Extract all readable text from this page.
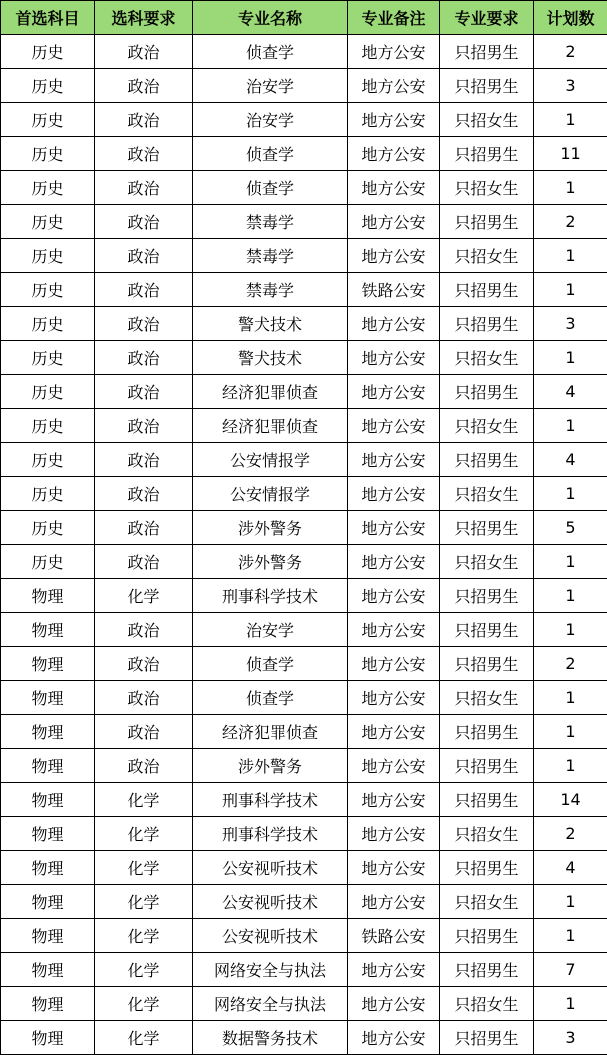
首选科目	选科要求	专业名称	专业备注	专业要求	计划数
历史	政治	侦查学	地方公安	只招男生	2
历史	政治	治安学	地方公安	只招男生	3
历史	政治	治安学	地方公安	只招女生	1
历史	政治	侦查学	地方公安	只招男生	11
历史	政治	侦查学	地方公安	只招女生	1
历史	政治	禁毒学	地方公安	只招男生	2
历史	政治	禁毒学	地方公安	只招女生	1
历史	政治	禁毒学	铁路公安	只招男生	1
历史	政治	警犬技术	地方公安	只招男生	3
历史	政治	警犬技术	地方公安	只招女生	1
历史	政治	经济犯罪侦查	地方公安	只招男生	4
历史	政治	经济犯罪侦查	地方公安	只招女生	1
历史	政治	公安情报学	地方公安	只招男生	4
历史	政治	公安情报学	地方公安	只招女生	1
历史	政治	涉外警务	地方公安	只招男生	5
历史	政治	涉外警务	地方公安	只招女生	1
物理	化学	刑事科学技术	地方公安	只招男生	1
物理	政治	治安学	地方公安	只招男生	1
物理	政治	侦查学	地方公安	只招男生	2
物理	政治	侦查学	地方公安	只招女生	1
物理	政治	经济犯罪侦查	地方公安	只招男生	1
物理	政治	涉外警务	地方公安	只招男生	1
物理	化学	刑事科学技术	地方公安	只招男生	14
物理	化学	刑事科学技术	地方公安	只招女生	2
物理	化学	公安视听技术	地方公安	只招男生	4
物理	化学	公安视听技术	地方公安	只招女生	1
物理	化学	公安视听技术	铁路公安	只招男生	1
物理	化学	网络安全与执法	地方公安	只招男生	7
物理	化学	网络安全与执法	地方公安	只招女生	1
物理	化学	数据警务技术	地方公安	只招男生	3
